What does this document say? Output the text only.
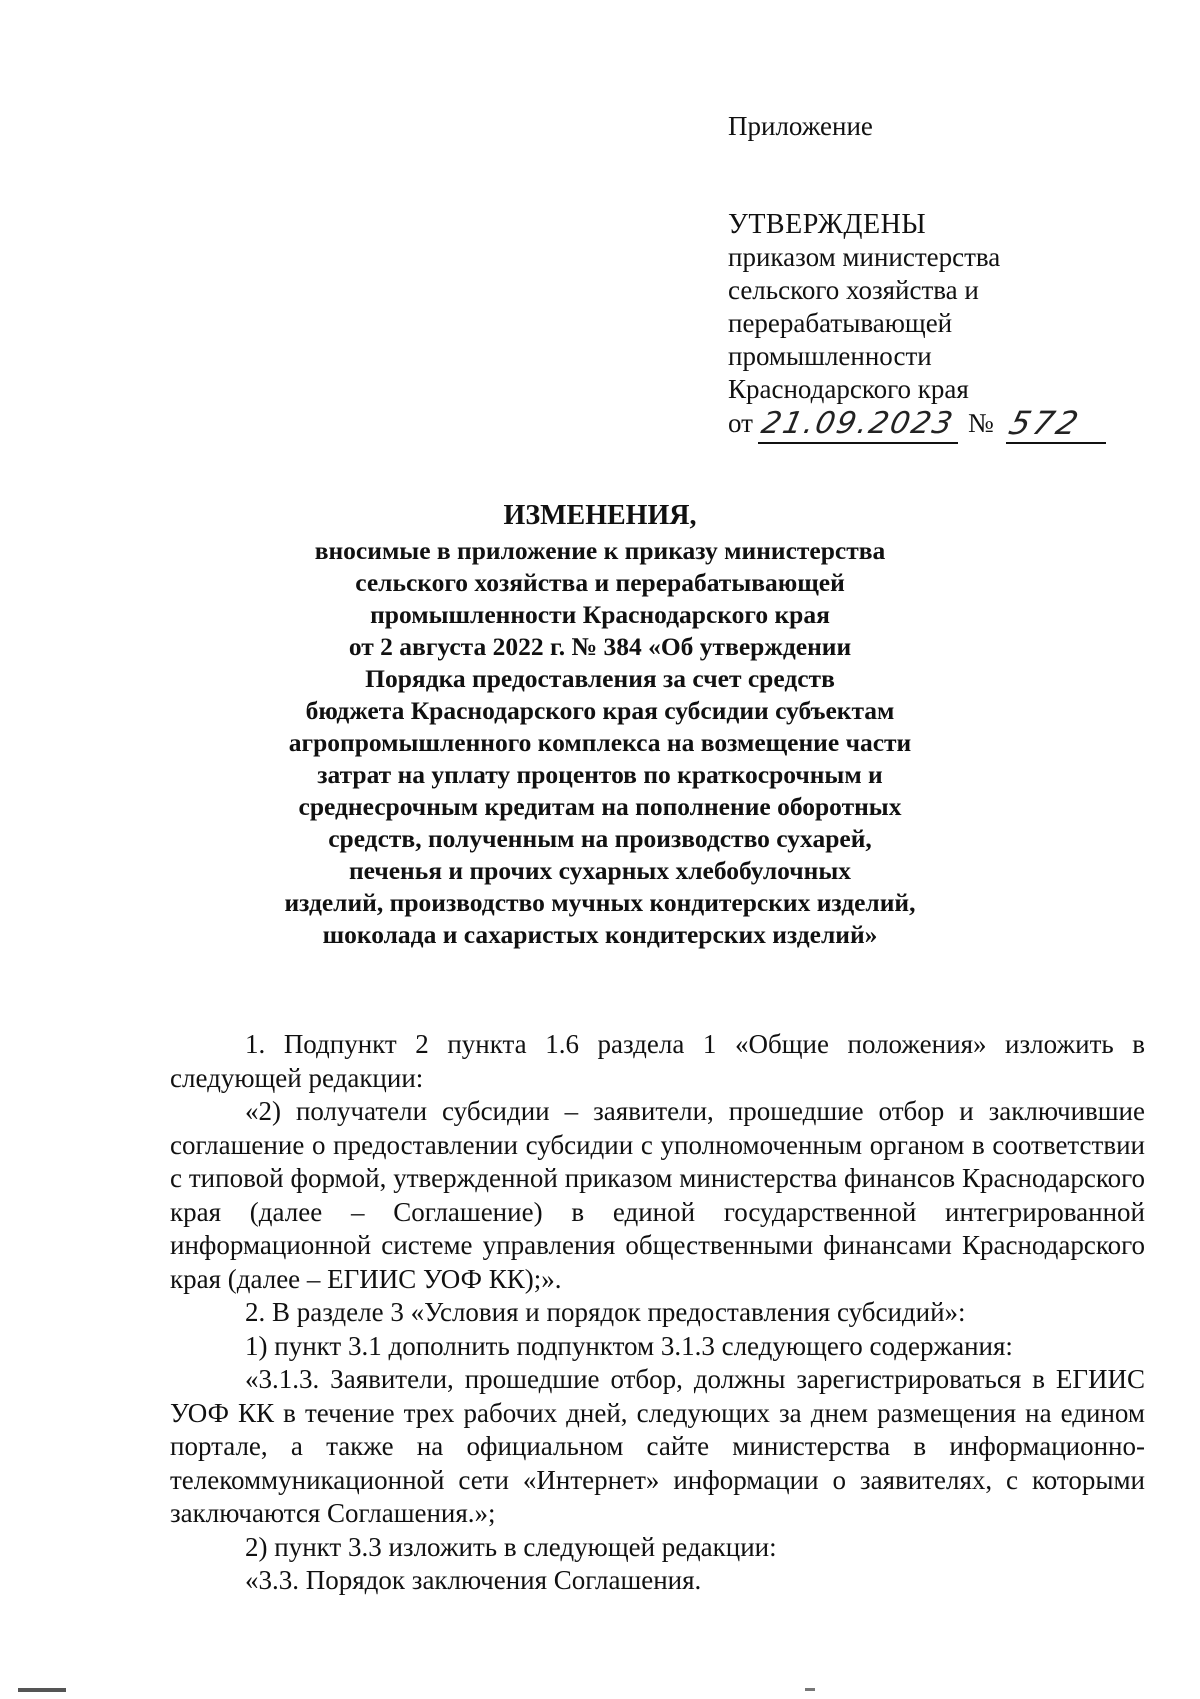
Приложение
УТВЕРЖДЕНЫ
приказом министерства
сельского хозяйства и
перерабатывающей
промышленности
Краснодарского края
от 21.09.2023 № 572
ИЗМЕНЕНИЯ,
вносимые в приложение к приказу министерства
сельского хозяйства и перерабатывающей
промышленности Краснодарского края
от 2 августа 2022 г. № 384 «Об утверждении
Порядка предоставления за счет средств
бюджета Краснодарского края субсидии субъектам
агропромышленного комплекса на возмещение части
затрат на уплату процентов по краткосрочным и
среднесрочным кредитам на пополнение оборотных
средств, полученным на производство сухарей,
печенья и прочих сухарных хлебобулочных
изделий, производство мучных кондитерских изделий,
шоколада и сахаристых кондитерских изделий»

1. Подпункт 2 пункта 1.6 раздела 1 «Общие положения» изложить в следующей редакции:

«2) получатели субсидии – заявители, прошедшие отбор и заключившие соглашение о предоставлении субсидии с уполномоченным органом в соответствии с типовой формой, утвержденной приказом министерства финансов Краснодарского края (далее – Соглашение) в единой государственной интегрированной информационной системе управления общественными финансами Краснодарского края (далее – ЕГИИС УОФ КК);».

2. В разделе 3 «Условия и порядок предоставления субсидий»:

1) пункт 3.1 дополнить подпунктом 3.1.3 следующего содержания:

«3.1.3. Заявители, прошедшие отбор, должны зарегистрироваться в ЕГИИС УОФ КК в течение трех рабочих дней, следующих за днем размещения на едином портале, а также на официальном сайте министерства в информационно-телекоммуникационной сети «Интернет» информации о заявителях, с которыми заключаются Соглашения.»;

2) пункт 3.3 изложить в следующей редакции:

«3.3. Порядок заключения Соглашения.
